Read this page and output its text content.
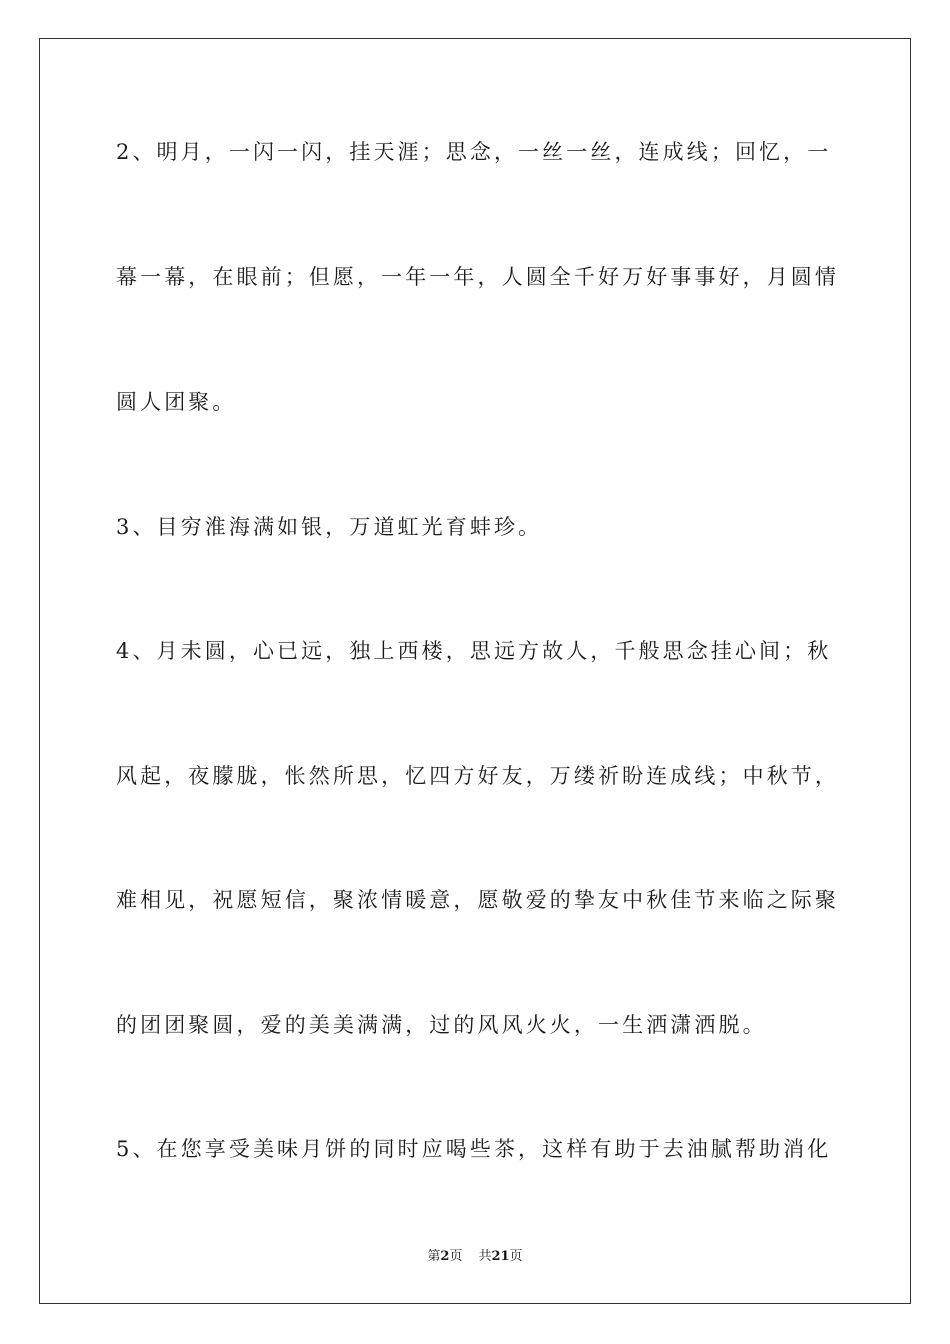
2、明月，一闪一闪，挂天涯；思念，一丝一丝，连成线；回忆，一
幕一幕，在眼前；但愿，一年一年，人圆全千好万好事事好，月圆情
圆人团聚。
3、目穷淮海满如银，万道虹光育蚌珍。
4、月未圆，心已远，独上西楼，思远方故人，千般思念挂心间；秋
风起，夜朦胧，怅然所思，忆四方好友，万缕祈盼连成线；中秋节，
难相见，祝愿短信，聚浓情暖意，愿敬爱的挚友中秋佳节来临之际聚
的团团聚圆，爱的美美满满，过的风风火火，一生洒潇洒脱。
5、在您享受美味月饼的同时应喝些茶，这样有助于去油腻帮助消化
第2页 共21页
